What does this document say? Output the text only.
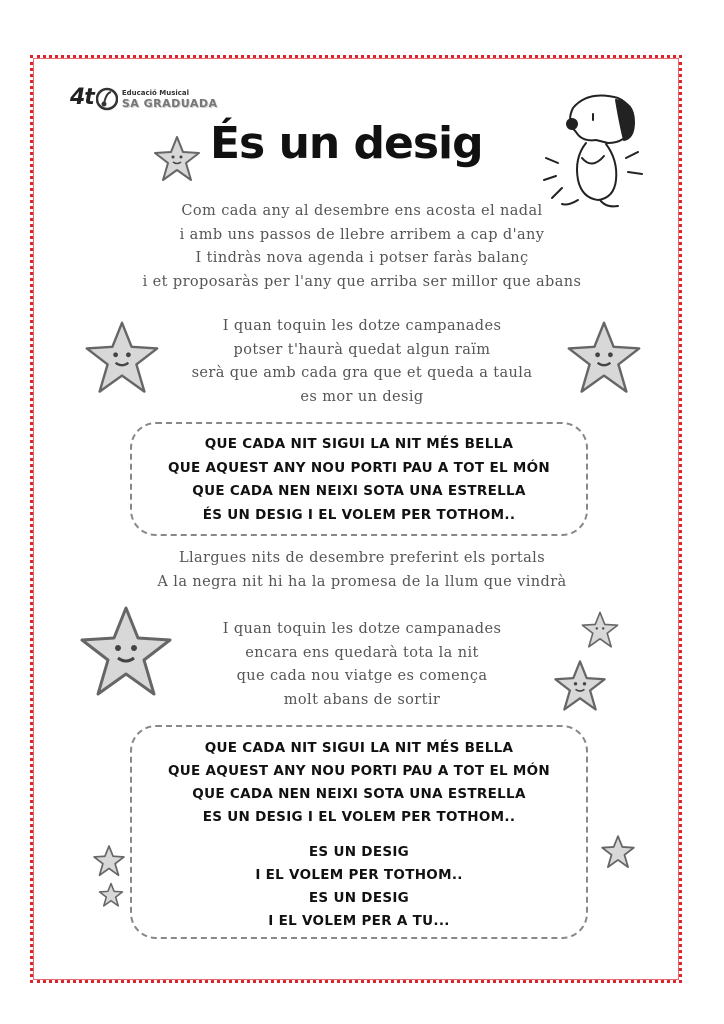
4t	Educació Musical
SA GRADUADA
És un desig
Com cada any al desembre ens acosta el nadal
i amb uns passos de llebre arribem a cap d'any
I tindràs nova agenda i potser faràs balanç
i et proposaràs per l'any que arriba ser millor que abans
I quan toquin les dotze campanades
potser t'haurà quedat algun raïm
serà que amb cada gra que et queda a taula
es mor un desig
QUE CADA NIT SIGUI LA NIT MÉS BELLA
QUE AQUEST ANY NOU PORTI PAU A TOT EL MÓN
QUE CADA NEN NEIXI SOTA UNA ESTRELLA
ÉS UN DESIG I EL VOLEM PER TOTHOM..
Llargues nits de desembre preferint els portals
A la negra nit hi ha la promesa de la llum que vindrà
I quan toquin les dotze campanades
encara ens quedarà tota la nit
que cada nou viatge es comença
molt abans de sortir
QUE CADA NIT SIGUI LA NIT MÉS BELLA
QUE AQUEST ANY NOU PORTI PAU A TOT EL MÓN
QUE CADA NEN NEIXI SOTA UNA ESTRELLA
ES UN DESIG I EL VOLEM PER TOTHOM..
ES UN DESIG
I EL VOLEM PER TOTHOM..
ES UN DESIG
I EL VOLEM PER A TU...
